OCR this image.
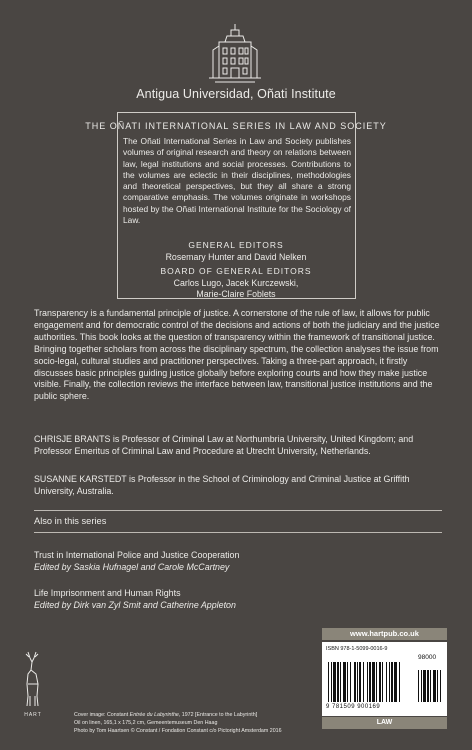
Antigua Universidad, Oñati Institute
THE OÑATI INTERNATIONAL SERIES IN LAW AND SOCIETY
The Oñati International Series in Law and Society publishes volumes of original research and theory on relations between law, legal institutions and social processes. Contributions to the volumes are eclectic in their disciplines, methodologies and theoretical perspectives, but they all share a strong comparative emphasis. The volumes originate in workshops hosted by the Oñati International Institute for the Sociology of Law.
GENERAL EDITORS
Rosemary Hunter and David Nelken
BOARD OF GENERAL EDITORS
Carlos Lugo, Jacek Kurczewski,
Marie-Claire Foblets
Transparency is a fundamental principle of justice. A cornerstone of the rule of law, it allows for public engagement and for democratic control of the decisions and actions of both the judiciary and the justice authorities. This book looks at the question of transparency within the framework of transitional justice. Bringing together scholars from across the disciplinary spectrum, the collection analyses the issue from socio-legal, cultural studies and practitioner perspectives. Taking a three-part approach, it firstly discusses basic principles guiding justice globally before exploring courts and how they make justice visible. Finally, the collection reviews the interface between law, transitional justice institutions and the public sphere.
CHRISJE BRANTS is Professor of Criminal Law at Northumbria University, United Kingdom; and Professor Emeritus of Criminal Law and Procedure at Utrecht University, Netherlands.
SUSANNE KARSTEDT is Professor in the School of Criminology and Criminal Justice at Griffith University, Australia.
Also in this series
Trust in International Police and Justice Cooperation
Edited by Saskia Hufnagel and Carole McCartney
Life Imprisonment and Human Rights
Edited by Dirk van Zyl Smit and Catherine Appleton
HART	Cover image: Constant Entrée du Labyrinthe, 1972 [Entrance to the Labyrinth]
Oil on linen, 165,1 x 175,2 cm, Gemeentemuseum Den Haag
Photo by Tom Haartsen © Constant / Fondation Constant c/o Pictoright Amsterdam 2016
www.hartpub.co.uk
ISBN 978-1-5099-0016-9
98000
9 781509 900169
LAW
